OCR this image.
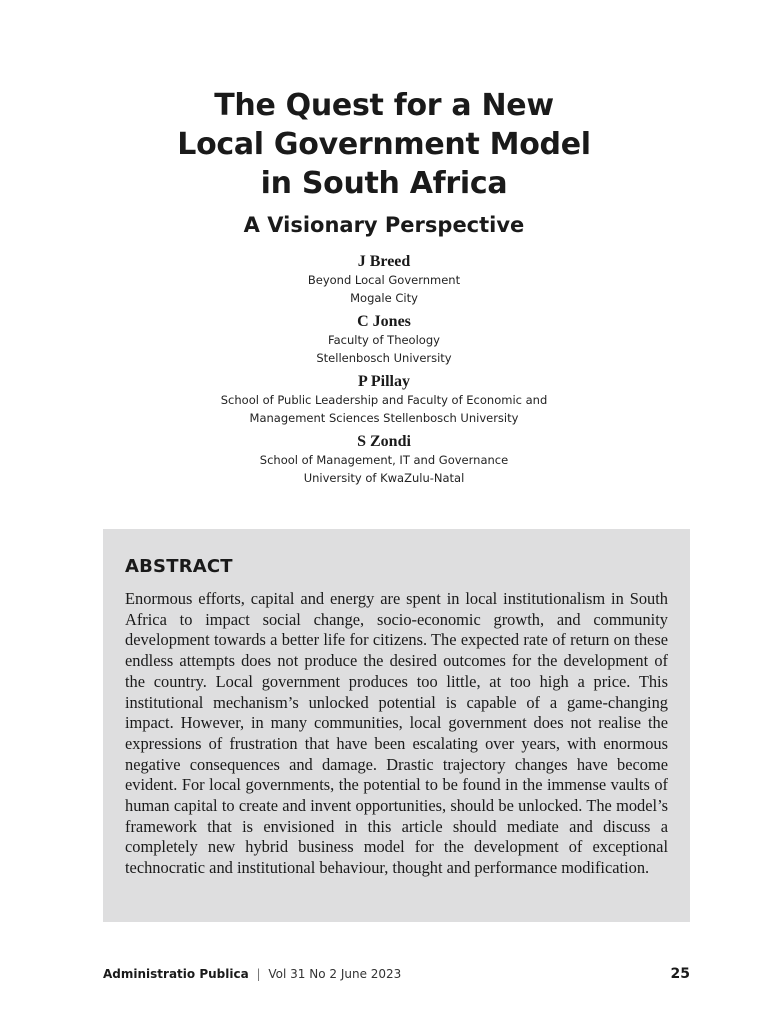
The Quest for a New
Local Government Model
in South Africa
A Visionary Perspective
J Breed
Beyond Local Government
Mogale City
C Jones
Faculty of Theology
Stellenbosch University
P Pillay
School of Public Leadership and Faculty of Economic and
Management Sciences Stellenbosch University
S Zondi
School of Management, IT and Governance
University of KwaZulu-Natal
ABSTRACT

Enormous efforts, capital and energy are spent in local institutionalism in South Africa to impact social change, socio-economic growth, and community development towards a better life for citizens. The expected rate of return on these endless attempts does not produce the desired outcomes for the development of the country. Local government produces too little, at too high a price. This institutional mechanism’s unlocked potential is capable of a game-changing impact. However, in many communities, local government does not realise the expressions of frustration that have been escalating over years, with enormous negative consequences and damage. Drastic trajectory changes have become evident. For local governments, the potential to be found in the immense vaults of human capital to create and invent opportunities, should be unlocked. The model’s framework that is envisioned in this article should mediate and discuss a completely new hybrid business model for the development of exceptional technocratic and institutional behaviour, thought and performance modification.

Administratio Publica | Vol 31 No 2 June 2023	25
